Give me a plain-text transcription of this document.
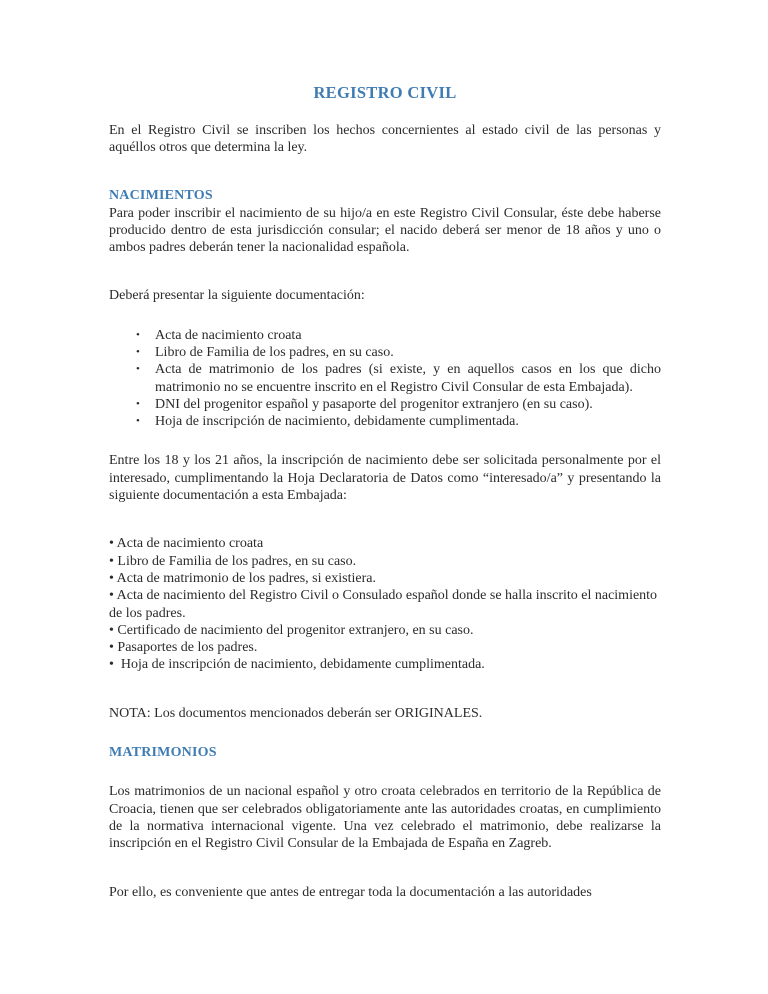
REGISTRO CIVIL

En el Registro Civil se inscriben los hechos concernientes al estado civil de las personas y aquéllos otros que determina la ley.

NACIMIENTOS

Para poder inscribir el nacimiento de su hijo/a en este Registro Civil Consular, éste debe haberse producido dentro de esta jurisdicción consular; el nacido deberá ser menor de 18 años y uno o ambos padres deberán tener la nacionalidad española.

Deberá presentar la siguiente documentación:

• Acta de nacimiento croata
• Libro de Familia de los padres, en su caso.
• Acta de matrimonio de los padres (si existe, y en aquellos casos en los que dicho matrimonio no se encuentre inscrito en el Registro Civil Consular de esta Embajada).
• DNI del progenitor español y pasaporte del progenitor extranjero (en su caso).
• Hoja de inscripción de nacimiento, debidamente cumplimentada.

Entre los 18 y los 21 años, la inscripción de nacimiento debe ser solicitada personalmente por el interesado, cumplimentando la Hoja Declaratoria de Datos como “interesado/a” y presentando la siguiente documentación a esta Embajada:

• Acta de nacimiento croata
• Libro de Familia de los padres, en su caso.
• Acta de matrimonio de los padres, si existiera.
• Acta de nacimiento del Registro Civil o Consulado español donde se halla inscrito el nacimiento de los padres.
• Certificado de nacimiento del progenitor extranjero, en su caso.
• Pasaportes de los padres.
•  Hoja de inscripción de nacimiento, debidamente cumplimentada.

NOTA: Los documentos mencionados deberán ser ORIGINALES.

MATRIMONIOS

Los matrimonios de un nacional español y otro croata celebrados en territorio de la República de Croacia, tienen que ser celebrados obligatoriamente ante las autoridades croatas, en cumplimiento de la normativa internacional vigente. Una vez celebrado el matrimonio, debe realizarse la inscripción en el Registro Civil Consular de la Embajada de España en Zagreb.

Por ello, es conveniente que antes de entregar toda la documentación a las autoridades
